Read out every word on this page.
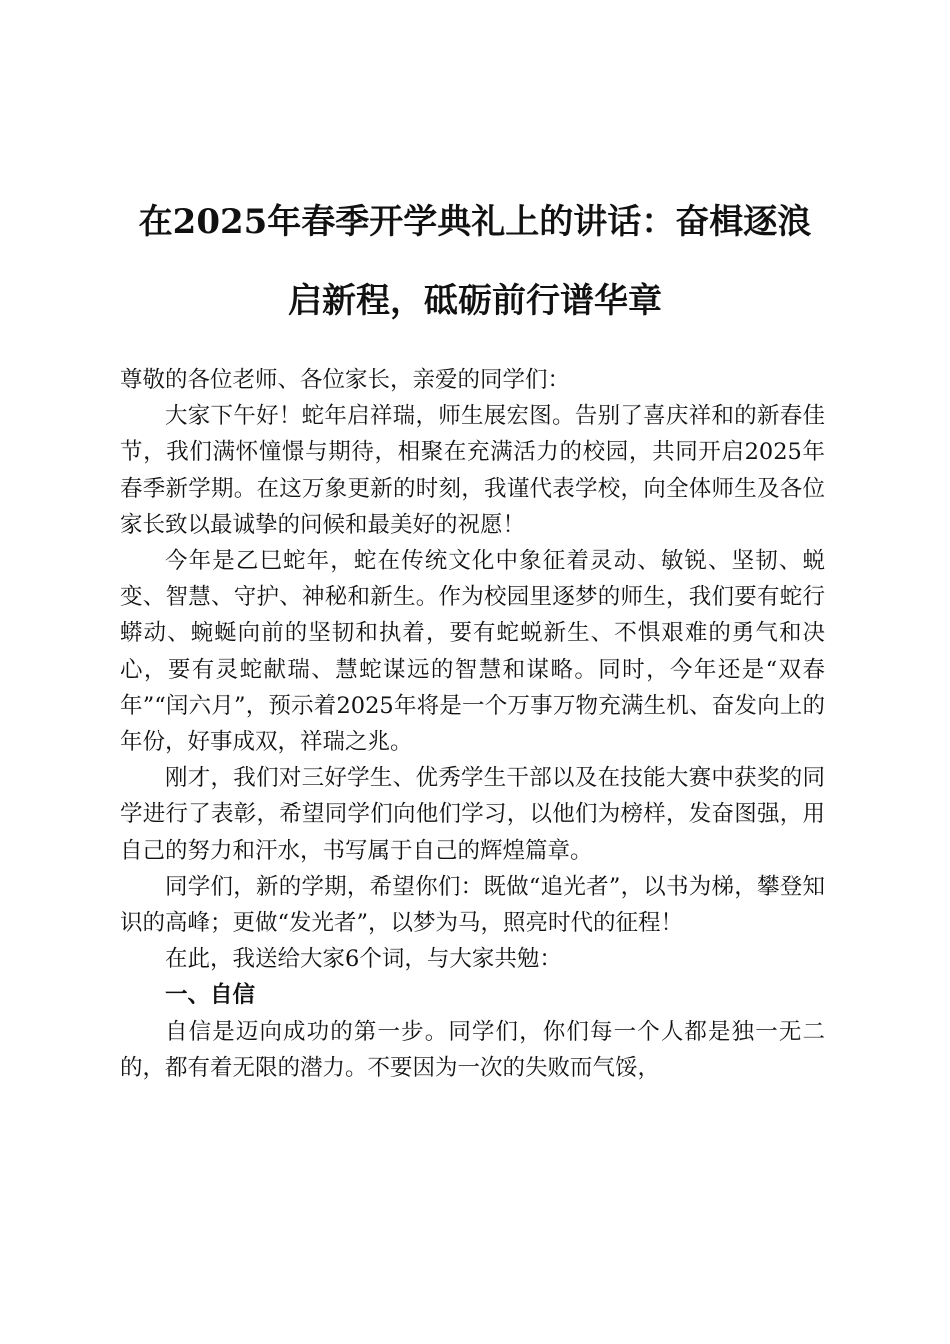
在2025年春季开学典礼上的讲话：奋楫逐浪
启新程，砥砺前行谱华章

尊敬的各位老师、各位家长，亲爱的同学们：

大家下午好！蛇年启祥瑞，师生展宏图。告别了喜庆祥和的新春佳节，我们满怀憧憬与期待，相聚在充满活力的校园，共同开启2025年春季新学期。在这万象更新的时刻，我谨代表学校，向全体师生及各位家长致以最诚挚的问候和最美好的祝愿！

今年是乙巳蛇年，蛇在传统文化中象征着灵动、敏锐、坚韧、蜕变、智慧、守护、神秘和新生。作为校园里逐梦的师生，我们要有蛇行蟒动、蜿蜒向前的坚韧和执着，要有蛇蜕新生、不惧艰难的勇气和决心，要有灵蛇献瑞、慧蛇谋远的智慧和谋略。同时，今年还是“双春年”“闰六月”，预示着2025年将是一个万事万物充满生机、奋发向上的年份，好事成双，祥瑞之兆。

刚才，我们对三好学生、优秀学生干部以及在技能大赛中获奖的同学进行了表彰，希望同学们向他们学习，以他们为榜样，发奋图强，用自己的努力和汗水，书写属于自己的辉煌篇章。

同学们，新的学期，希望你们：既做“追光者”，以书为梯，攀登知识的高峰；更做“发光者”，以梦为马，照亮时代的征程！

在此，我送给大家6个词，与大家共勉：

一、自信

自信是迈向成功的第一步。同学们，你们每一个人都是独一无二的，都有着无限的潜力。不要因为一次的失败而气馁，
